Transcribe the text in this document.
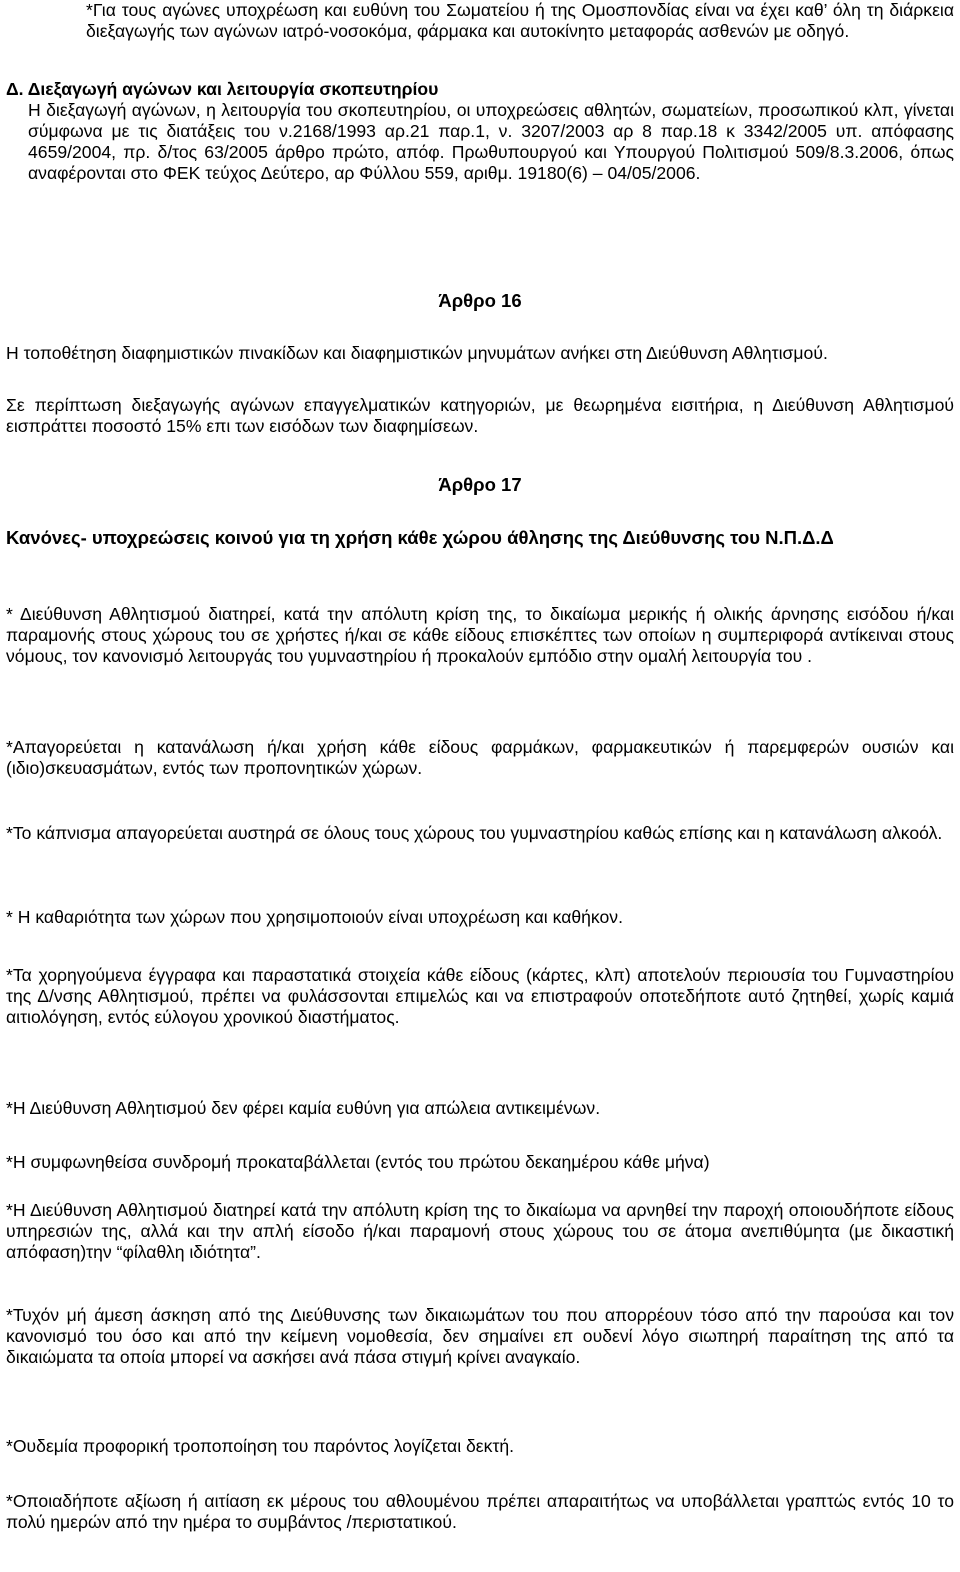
*Για τους αγώνες υποχρέωση και ευθύνη του Σωματείου ή της Ομοσπονδίας είναι να έχει καθ’ όλη τη διάρκεια διεξαγωγής των αγώνων ιατρό-νοσοκόμα, φάρμακα και αυτοκίνητο μεταφοράς ασθενών με οδηγό.

Δ. Διεξαγωγή αγώνων και λειτουργία σκοπευτηρίου

Η διεξαγωγή αγώνων, η λειτουργία του σκοπευτηρίου, οι υποχρεώσεις αθλητών, σωματείων, προσωπικού κλπ, γίνεται σύμφωνα με τις διατάξεις του ν.2168/1993 αρ.21 παρ.1, ν. 3207/2003 αρ 8 παρ.18 κ 3342/2005 υπ. απόφασης 4659/2004, πρ. δ/τος 63/2005 άρθρο πρώτο, απόφ. Πρωθυπουργού και Υπουργού Πολιτισμού 509/8.3.2006, όπως αναφέρονται στο ΦΕΚ τεύχος Δεύτερο, αρ Φύλλου 559, αριθμ. 19180(6) – 04/05/2006.

Άρθρο 16

Η τοποθέτηση διαφημιστικών πινακίδων και διαφημιστικών μηνυμάτων ανήκει στη Διεύθυνση Αθλητισμού.

Σε περίπτωση διεξαγωγής αγώνων επαγγελματικών κατηγοριών, με θεωρημένα εισιτήρια, η Διεύθυνση Αθλητισμού εισπράττει ποσοστό 15% επι των εισόδων των διαφημίσεων.

Άρθρο 17

Κανόνες- υποχρεώσεις κοινού για τη χρήση κάθε χώρου άθλησης της Διεύθυνσης του Ν.Π.Δ.Δ

* Διεύθυνση Αθλητισμού διατηρεί, κατά την απόλυτη κρίση της, το δικαίωμα μερικής ή ολικής άρνησης εισόδου ή/και παραμονής στους χώρους του σε χρήστες ή/και σε κάθε είδους επισκέπτες των οποίων η συμπεριφορά αντίκειναι στους νόμους, τον κανονισμό λειτουργάς του γυμναστηρίου ή προκαλούν εμπόδιο στην ομαλή λειτουργία του .

*Απαγορεύεται η κατανάλωση ή/και χρήση κάθε είδους φαρμάκων, φαρμακευτικών ή παρεμφερών ουσιών και (ιδιο)σκευασμάτων, εντός των προπονητικών χώρων.

*Το κάπνισμα απαγορεύεται αυστηρά σε όλους τους χώρους του γυμναστηρίου καθώς επίσης και η κατανάλωση αλκοόλ.

* Η καθαριότητα των χώρων που χρησιμοποιούν είναι υποχρέωση και καθήκον.

*Τα χορηγούμενα έγγραφα και παραστατικά στοιχεία κάθε είδους (κάρτες, κλπ) αποτελούν περιουσία του Γυμναστηρίου της Δ/νσης Αθλητισμού, πρέπει να φυλάσσονται επιμελώς και να επιστραφούν οποτεδήποτε αυτό ζητηθεί, χωρίς καμιά αιτιολόγηση, εντός εύλογου χρονικού διαστήματος.

*Η Διεύθυνση Αθλητισμού δεν φέρει καμία ευθύνη για απώλεια αντικειμένων.

*Η συμφωνηθείσα συνδρομή προκαταβάλλεται (εντός του πρώτου δεκαημέρου κάθε μήνα)

*Η Διεύθυνση Αθλητισμού διατηρεί κατά την απόλυτη κρίση της το δικαίωμα να αρνηθεί την παροχή οποιουδήποτε είδους υπηρεσιών της, αλλά και την απλή είσοδο ή/και παραμονή στους χώρους του σε άτομα ανεπιθύμητα (με δικαστική απόφαση)την “φίλαθλη ιδιότητα”.

*Τυχόν μή άμεση άσκηση από της Διεύθυνσης των δικαιωμάτων του που απορρέουν τόσο από την παρούσα και τον κανονισμό του όσο και από την κείμενη νομοθεσία, δεν σημαίνει επ ουδενί λόγο σιωπηρή παραίτηση της από τα δικαιώματα τα οποία μπορεί να ασκήσει ανά πάσα στιγμή κρίνει αναγκαίο.

*Ουδεμία προφορική τροποποίηση του παρόντος λογίζεται δεκτή.

*Οποιαδήποτε αξίωση ή αιτίαση εκ μέρους του αθλουμένου πρέπει απαραιτήτως να υποβάλλεται γραπτώς εντός 10 το πολύ ημερών από την ημέρα το συμβάντος /περιστατικού.
